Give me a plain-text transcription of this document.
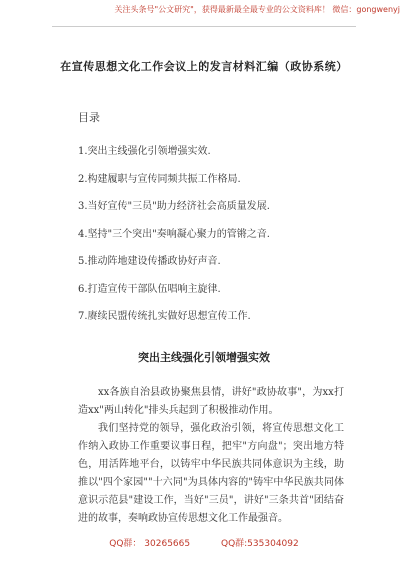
关注头条号"公文研究"，获得最新最全最专业的公文资料库！ 微信：gongwenyj
在宣传思想文化工作会议上的发言材料汇编（政协系统）
目录
1.突出主线强化引领增强实效.
2.构建履职与宣传同频共振工作格局.
3.当好宣传"三员"助力经济社会高质量发展.
4.坚持"三个突出"奏响凝心聚力的管锵之音.
5.推动阵地建设传播政协好声音.
6.打造宣传干部队伍唱响主旋律.
7.赓续民盟传统扎实做好思想宣传工作.
突出主线强化引领增强实效

xx各族自治县政协聚焦县情，讲好"政协故事"，为xx打造xx"两山转化"排头兵起到了积极推动作用。

我们坚持党的领导，强化政治引领，将宣传思想文化工作纳入政协工作重要议事日程，把牢"方向盘"；突出地方特色，用活阵地平台，以铸牢中华民族共同体意识为主线，助推以"四个家园""十六同"为具体内容的"铸牢中华民族共同体意识示范县"建设工作，当好"三员"，讲好"三条共首"团结奋进的故事，奏响政协宣传思想文化工作最强音。

QQ群： 30265665	QQ群:535304092
